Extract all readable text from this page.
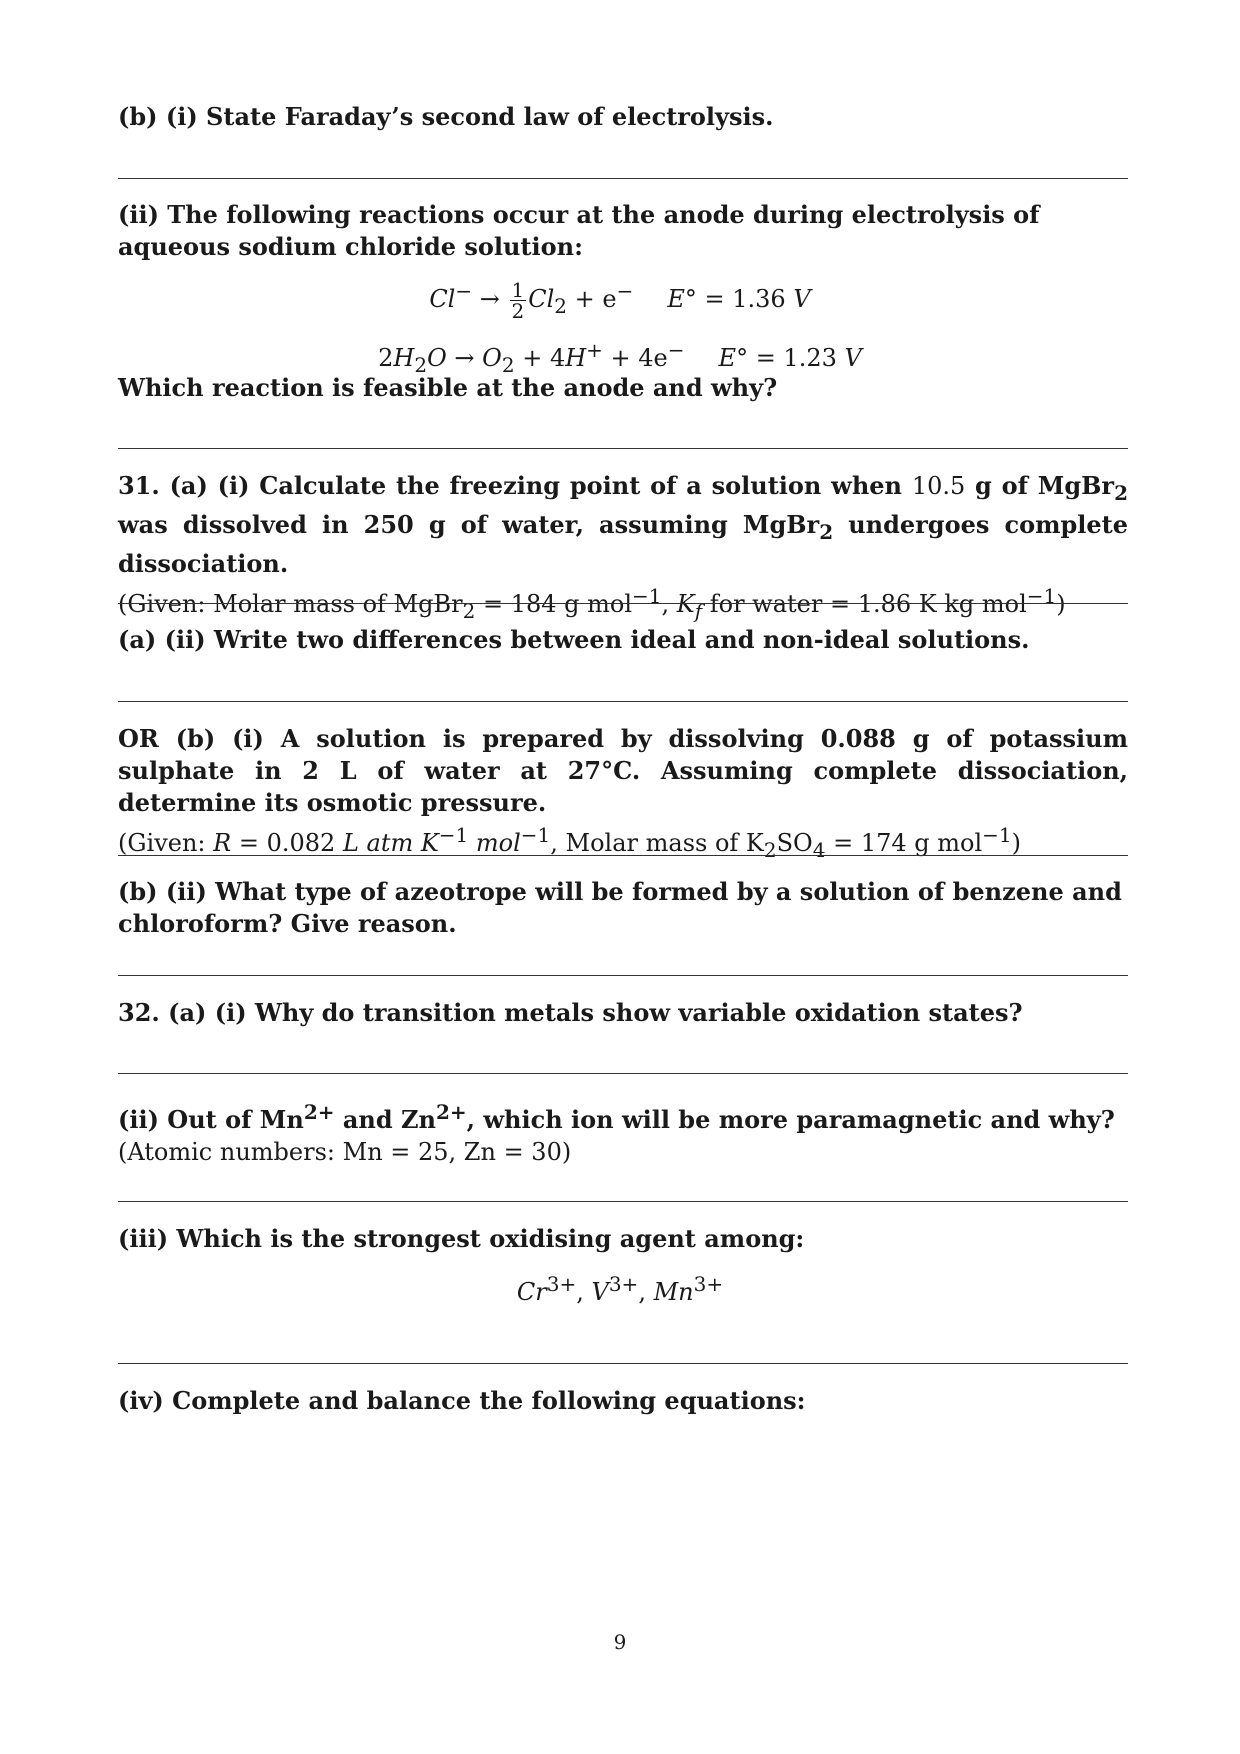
(b) (i) State Faraday’s second law of electrolysis.
(ii) The following reactions occur at the anode during electrolysis of aqueous sodium chloride solution:
$Cl^- \to \frac{1}{2} Cl_2 + e^-$ E° = 1.36 V
$2H_2O \to O_2 + 4H^+ + 4e^-$ E° = 1.23 V
Which reaction is feasible at the anode and why?
31. (a) (i) Calculate the freezing point of a solution when 10.5 g of MgBr$_2$ was dissolved in 250 g of water, assuming MgBr$_2$ undergoes complete dissociation.
(Given: Molar mass of MgBr$_2$ = 184 g mol$^{-1}$, $K_f$ for water = 1.86 K kg mol$^{-1}$)
(a) (ii) Write two differences between ideal and non-ideal solutions.
OR (b) (i) A solution is prepared by dissolving 0.088 g of potassium sulphate in 2 L of water at 27°C. Assuming complete dissociation, determine its osmotic pressure.
(Given: R = 0.082 L atm $K^{-1}$ mol$^{-1}$, Molar mass of $K_2SO_4 = 174$ g mol$^{-1}$)
(b) (ii) What type of azeotrope will be formed by a solution of benzene and chloroform? Give reason.
32. (a) (i) Why do transition metals show variable oxidation states?
(ii) Out of $Mn^{2+}$ and $Zn^{2+}$, which ion will be more paramagnetic and why? (Atomic numbers: Mn = 25, Zn = 30)
(iii) Which is the strongest oxidising agent among:
$Cr^{3+}$, $V^{3+}$, $Mn^{3+}$
(iv) Complete and balance the following equations:
9
